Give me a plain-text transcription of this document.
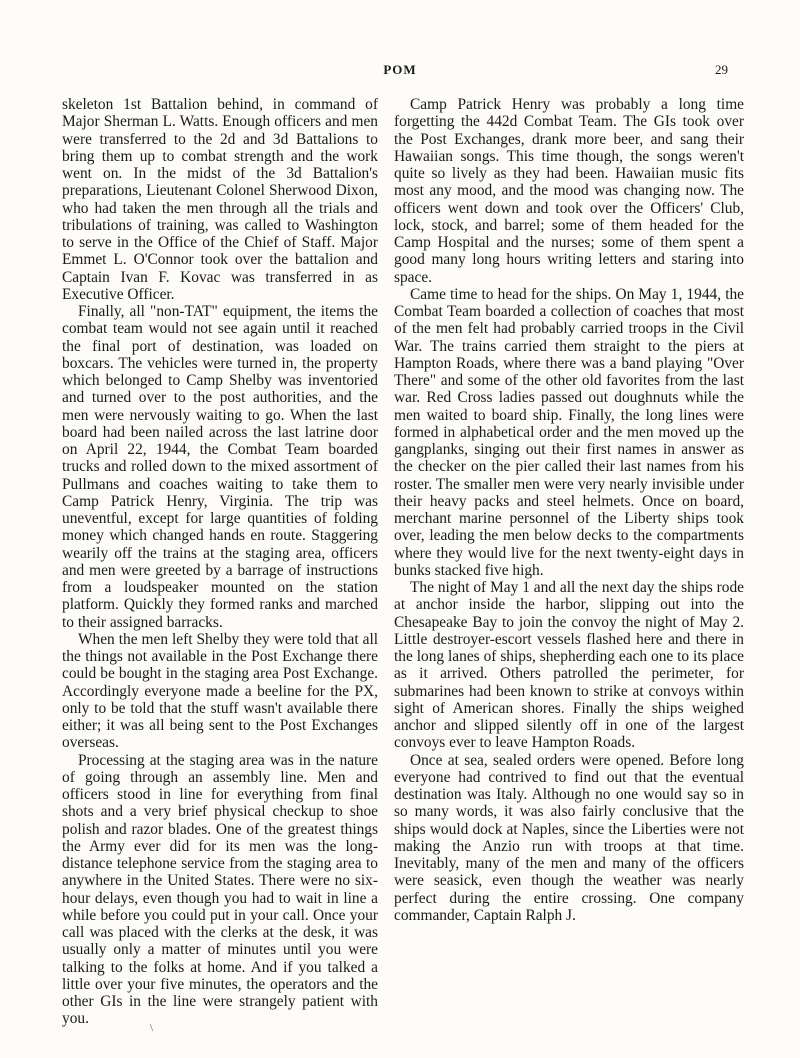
POM	29

skeleton 1st Battalion behind, in command of Major Sherman L. Watts. Enough officers and men were transferred to the 2d and 3d Battalions to bring them up to combat strength and the work went on. In the midst of the 3d Battalion's preparations, Lieutenant Colonel Sherwood Dixon, who had taken the men through all the trials and tribulations of training, was called to Washington to serve in the Office of the Chief of Staff. Major Emmet L. O'Connor took over the battalion and Captain Ivan F. Kovac was transferred in as Executive Officer.

Finally, all "non-TAT" equipment, the items the combat team would not see again until it reached the final port of destination, was loaded on boxcars. The vehicles were turned in, the property which belonged to Camp Shelby was inventoried and turned over to the post authorities, and the men were nervously waiting to go. When the last board had been nailed across the last latrine door on April 22, 1944, the Combat Team boarded trucks and rolled down to the mixed assortment of Pullmans and coaches waiting to take them to Camp Patrick Henry, Virginia. The trip was uneventful, except for large quantities of folding money which changed hands en route. Staggering wearily off the trains at the staging area, officers and men were greeted by a barrage of instructions from a loudspeaker mounted on the station platform. Quickly they formed ranks and marched to their assigned barracks.

When the men left Shelby they were told that all the things not available in the Post Exchange there could be bought in the staging area Post Exchange. Accordingly everyone made a beeline for the PX, only to be told that the stuff wasn't available there either; it was all being sent to the Post Exchanges overseas.

Processing at the staging area was in the nature of going through an assembly line. Men and officers stood in line for everything from final shots and a very brief physical checkup to shoe polish and razor blades. One of the greatest things the Army ever did for its men was the long-distance telephone service from the staging area to anywhere in the United States. There were no six-hour delays, even though you had to wait in line a while before you could put in your call. Once your call was placed with the clerks at the desk, it was usually only a matter of minutes until you were talking to the folks at home. And if you talked a little over your five minutes, the operators and the other GIs in the line were strangely patient with you.

Camp Patrick Henry was probably a long time forgetting the 442d Combat Team. The GIs took over the Post Exchanges, drank more beer, and sang their Hawaiian songs. This time though, the songs weren't quite so lively as they had been. Hawaiian music fits most any mood, and the mood was changing now. The officers went down and took over the Officers' Club, lock, stock, and barrel; some of them headed for the Camp Hospital and the nurses; some of them spent a good many long hours writing letters and staring into space.

Came time to head for the ships. On May 1, 1944, the Combat Team boarded a collection of coaches that most of the men felt had probably carried troops in the Civil War. The trains carried them straight to the piers at Hampton Roads, where there was a band playing "Over There" and some of the other old favorites from the last war. Red Cross ladies passed out doughnuts while the men waited to board ship. Finally, the long lines were formed in alphabetical order and the men moved up the gangplanks, singing out their first names in answer as the checker on the pier called their last names from his roster. The smaller men were very nearly invisible under their heavy packs and steel helmets. Once on board, merchant marine personnel of the Liberty ships took over, leading the men below decks to the compartments where they would live for the next twenty-eight days in bunks stacked five high.

The night of May 1 and all the next day the ships rode at anchor inside the harbor, slipping out into the Chesapeake Bay to join the convoy the night of May 2. Little destroyer-escort vessels flashed here and there in the long lanes of ships, shepherding each one to its place as it arrived. Others patrolled the perimeter, for submarines had been known to strike at convoys within sight of American shores. Finally the ships weighed anchor and slipped silently off in one of the largest convoys ever to leave Hampton Roads.

Once at sea, sealed orders were opened. Before long everyone had contrived to find out that the eventual destination was Italy. Although no one would say so in so many words, it was also fairly conclusive that the ships would dock at Naples, since the Liberties were not making the Anzio run with troops at that time. Inevitably, many of the men and many of the officers were seasick, even though the weather was nearly perfect during the entire crossing. One company commander, Captain Ralph J.

\
